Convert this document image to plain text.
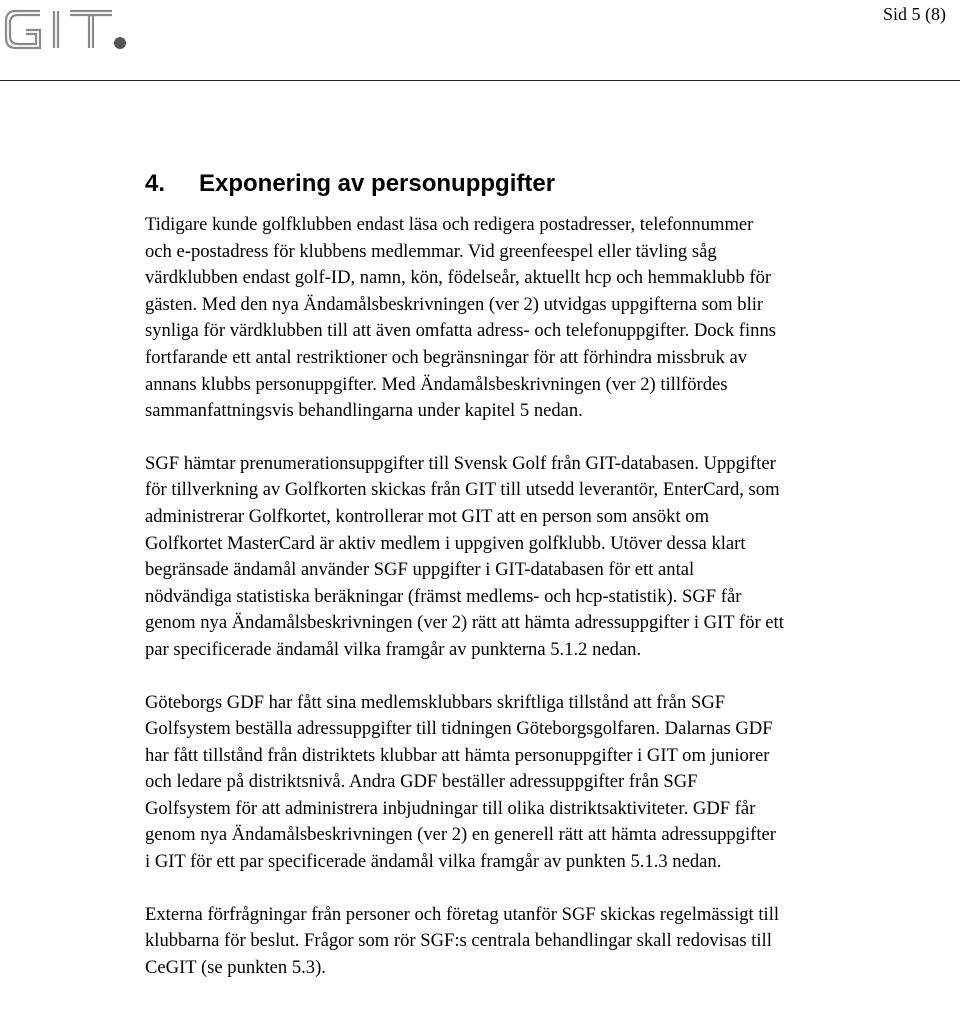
Sid 5 (8)
4. Exponering av personuppgifter

Tidigare kunde golfklubben endast läsa och redigera postadresser, telefonnummer
och e-postadress för klubbens medlemmar. Vid greenfeespel eller tävling såg
värdklubben endast golf-ID, namn, kön, födelseår, aktuellt hcp och hemmaklubb för
gästen. Med den nya Ändamålsbeskrivningen (ver 2) utvidgas uppgifterna som blir
synliga för värdklubben till att även omfatta adress- och telefonuppgifter. Dock finns
fortfarande ett antal restriktioner och begränsningar för att förhindra missbruk av
annans klubbs personuppgifter. Med Ändamålsbeskrivningen (ver 2) tillfördes
sammanfattningsvis behandlingarna under kapitel 5 nedan.

SGF hämtar prenumerationsuppgifter till Svensk Golf från GIT-databasen. Uppgifter
för tillverkning av Golfkorten skickas från GIT till utsedd leverantör, EnterCard, som
administrerar Golfkortet, kontrollerar mot GIT att en person som ansökt om
Golfkortet MasterCard är aktiv medlem i uppgiven golfklubb. Utöver dessa klart
begränsade ändamål använder SGF uppgifter i GIT-databasen för ett antal
nödvändiga statistiska beräkningar (främst medlems- och hcp-statistik). SGF får
genom nya Ändamålsbeskrivningen (ver 2) rätt att hämta adressuppgifter i GIT för ett
par specificerade ändamål vilka framgår av punkterna 5.1.2 nedan.

Göteborgs GDF har fått sina medlemsklubbars skriftliga tillstånd att från SGF
Golfsystem beställa adressuppgifter till tidningen Göteborgsgolfaren. Dalarnas GDF
har fått tillstånd från distriktets klubbar att hämta personuppgifter i GIT om juniorer
och ledare på distriktsnivå. Andra GDF beställer adressuppgifter från SGF
Golfsystem för att administrera inbjudningar till olika distriktsaktiviteter. GDF får
genom nya Ändamålsbeskrivningen (ver 2) en generell rätt att hämta adressuppgifter
i GIT för ett par specificerade ändamål vilka framgår av punkten 5.1.3 nedan.

Externa förfrågningar från personer och företag utanför SGF skickas regelmässigt till
klubbarna för beslut. Frågor som rör SGF:s centrala behandlingar skall redovisas till
CeGIT (se punkten 5.3).
